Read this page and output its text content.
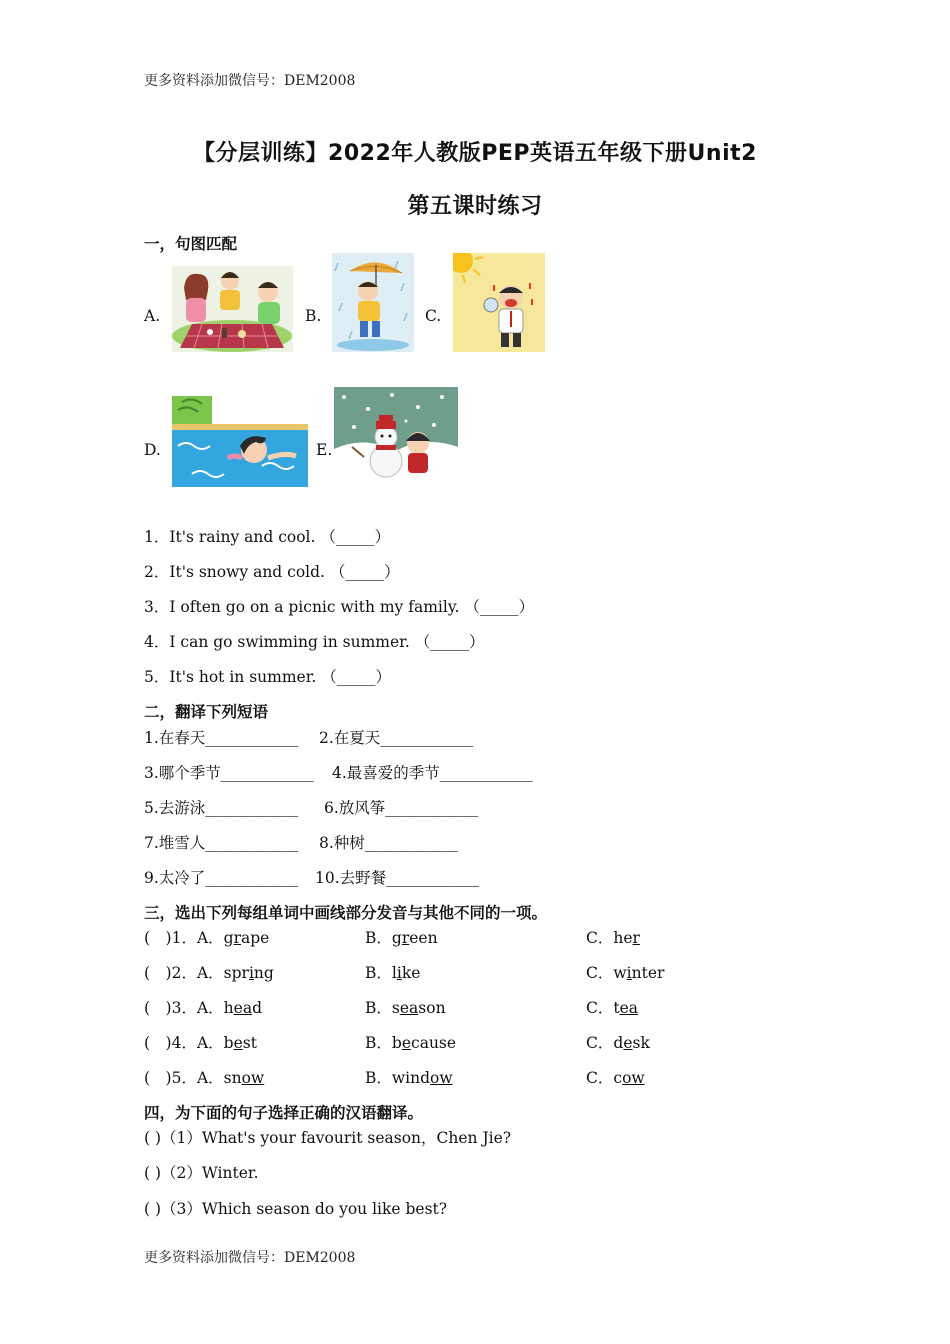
更多资料添加微信号：DEM2008
【分层训练】2022年人教版PEP英语五年级下册Unit2
第五课时练习
一，句图匹配
A.	B.	C.
D.	E.
1．It's rainy and cool. （_____）
2．It's snowy and cold. （_____）
3．I often go on a picnic with my family. （_____）
4．I can go swimming in summer. （_____）
5．It's hot in summer. （_____）
二，翻译下列短语
1.在春天____________ 2.在夏天____________
3.哪个季节____________ 4.最喜爱的季节____________
5.去游泳____________ 6.放风筝____________
7.堆雪人____________ 8.种树____________
9.太冷了____________ 10.去野餐____________
三，选出下列每组单词中画线部分发音与其他不同的一项。
(　)1．A．grape	B．green	C．her
(　)2．A．spring	B．like	C．winter
(　)3．A．head	B．season	C．tea
(　)4．A．best	B．because	C．desk
(　)5．A．snow	B．window	C．cow
四，为下面的句子选择正确的汉语翻译。
( )（1）What's your favourit season，Chen Jie?
( )（2）Winter.
( )（3）Which season do you like best?
更多资料添加微信号：DEM2008
